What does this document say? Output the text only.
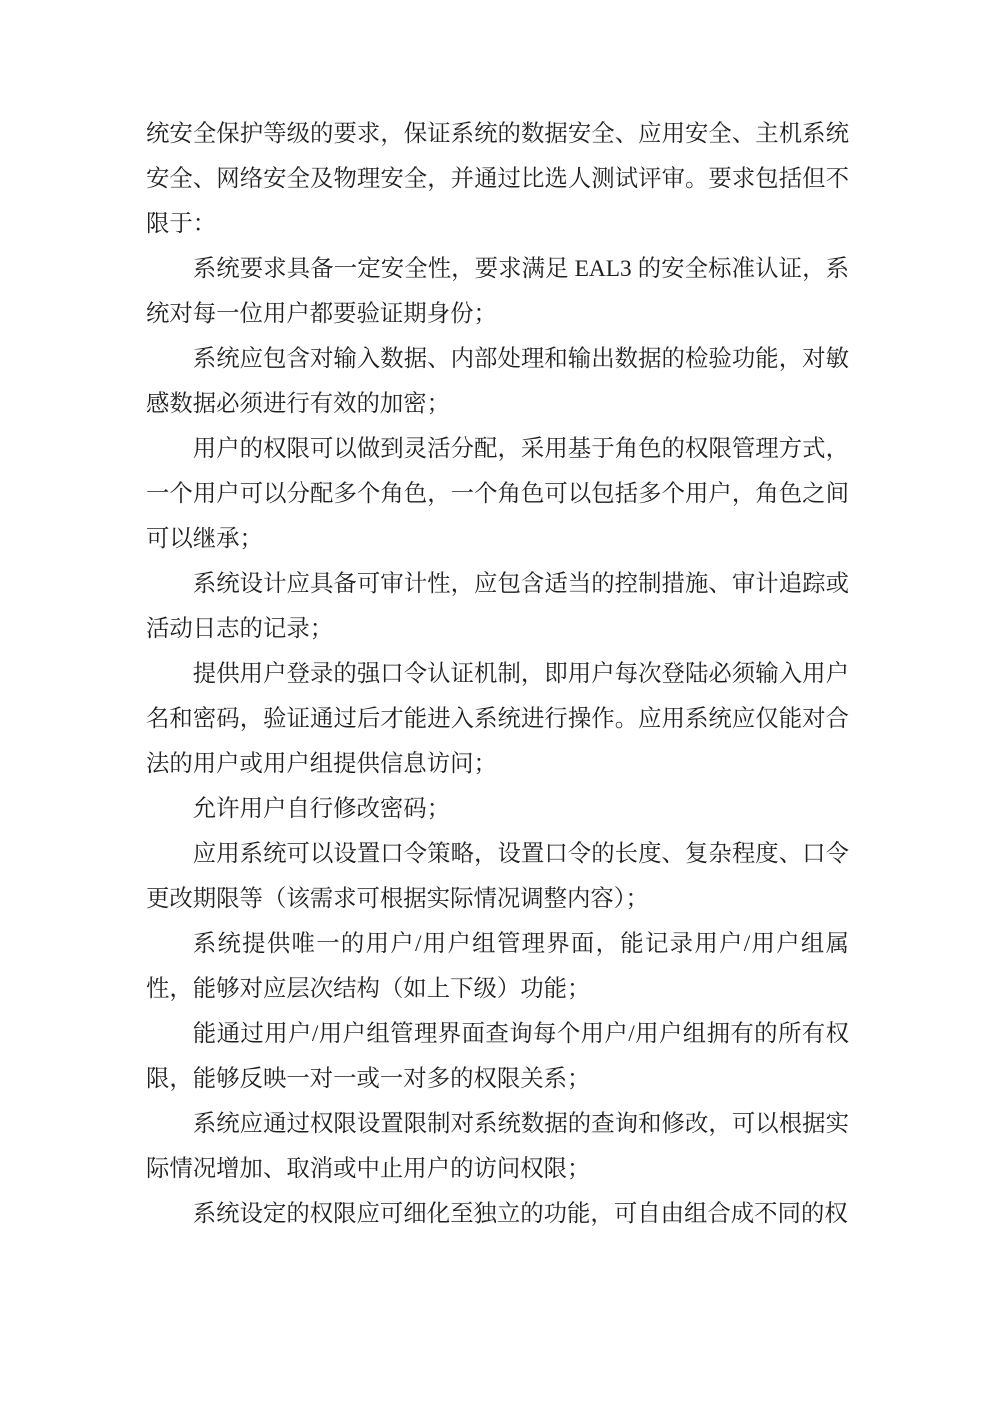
统安全保护等级的要求，保证系统的数据安全、应用安全、主机系统安全、网络安全及物理安全，并通过比选人测试评审。要求包括但不限于：

系统要求具备一定安全性，要求满足 EAL3 的安全标准认证，系统对每一位用户都要验证期身份；

系统应包含对输入数据、内部处理和输出数据的检验功能，对敏感数据必须进行有效的加密；

用户的权限可以做到灵活分配，采用基于角色的权限管理方式，一个用户可以分配多个角色，一个角色可以包括多个用户，角色之间可以继承；

系统设计应具备可审计性，应包含适当的控制措施、审计追踪或活动日志的记录；

提供用户登录的强口令认证机制，即用户每次登陆必须输入用户名和密码，验证通过后才能进入系统进行操作。应用系统应仅能对合法的用户或用户组提供信息访问；

允许用户自行修改密码；

应用系统可以设置口令策略，设置口令的长度、复杂程度、口令更改期限等（该需求可根据实际情况调整内容）；

系统提供唯一的用户/用户组管理界面，能记录用户/用户组属性，能够对应层次结构（如上下级）功能；

能通过用户/用户组管理界面查询每个用户/用户组拥有的所有权限，能够反映一对一或一对多的权限关系；

系统应通过权限设置限制对系统数据的查询和修改，可以根据实际情况增加、取消或中止用户的访问权限；

系统设定的权限应可细化至独立的功能，可自由组合成不同的权
